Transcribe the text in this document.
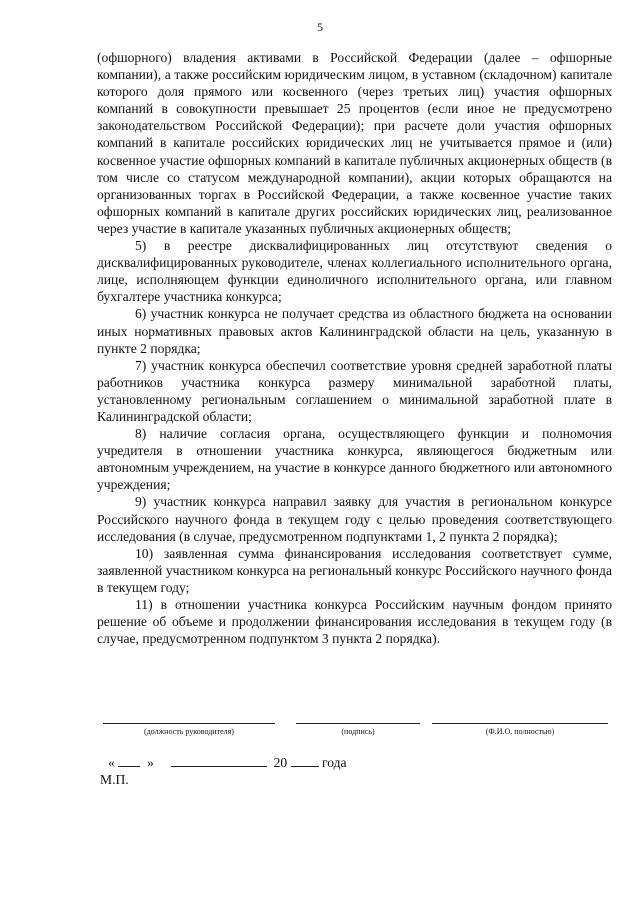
5

(офшорного) владения активами в Российской Федерации (далее – офшорные компании), а также российским юридическим лицом, в уставном (складочном) капитале которого доля прямого или косвенного (через третьих лиц) участия офшорных компаний в совокупности превышает 25 процентов (если иное не предусмотрено законодательством Российской Федерации); при расчете доли участия офшорных компаний в капитале российских юридических лиц не учитывается прямое и (или) косвенное участие офшорных компаний в капитале публичных акционерных обществ (в том числе со статусом международной компании), акции которых обращаются на организованных торгах в Российской Федерации, а также косвенное участие таких офшорных компаний в капитале других российских юридических лиц, реализованное через участие в капитале указанных публичных акционерных обществ;

5) в реестре дисквалифицированных лиц отсутствуют сведения о дисквалифицированных руководителе, членах коллегиального исполнительного органа, лице, исполняющем функции единоличного исполнительного органа, или главном бухгалтере участника конкурса;

6) участник конкурса не получает средства из областного бюджета на основании иных нормативных правовых актов Калининградской области на цель, указанную в пункте 2 порядка;

7) участник конкурса обеспечил соответствие уровня средней заработной платы работников участника конкурса размеру минимальной заработной платы, установленному региональным соглашением о минимальной заработной плате в Калининградской области;

8) наличие согласия органа, осуществляющего функции и полномочия учредителя в отношении участника конкурса, являющегося бюджетным или автономным учреждением, на участие в конкурсе данного бюджетного или автономного учреждения;

9) участник конкурса направил заявку для участия в региональном конкурсе Российского научного фонда в текущем году с целью проведения соответствующего исследования (в случае, предусмотренном подпунктами 1, 2 пункта 2 порядка);

10) заявленная сумма финансирования исследования соответствует сумме, заявленной участником конкурса на региональный конкурс Российского научного фонда в текущем году;

11) в отношении участника конкурса Российским научным фондом принято решение об объеме и продолжении финансирования исследования в текущем году (в случае, предусмотренном подпунктом 3 пункта 2 порядка).

(должность руководителя)	(подпись)	(Ф.И.О. полностью)
« »	20	года
М.П.
